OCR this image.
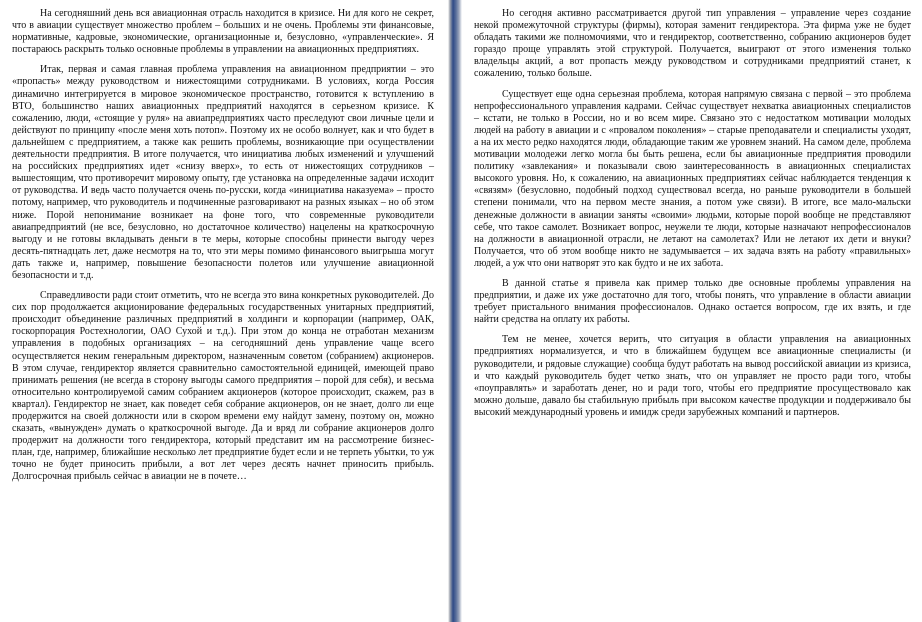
На сегодняшний день вся авиационная отрасль находится в кризисе. Ни для кого не секрет, что в авиации существует множество проблем – больших и не очень. Проблемы эти финансовые, нормативные, кадровые, экономические, организационные и, безусловно, «управленческие». Я постараюсь раскрыть только основные проблемы в управлении на авиационных предприятиях.

Итак, первая и самая главная проблема управления на авиационном предприятии – это «пропасть» между руководством и нижестоящими сотрудниками. В условиях, когда Россия динамично интегрируется в мировое экономическое пространство, готовится к вступлению в ВТО, большинство наших авиационных предприятий находятся в серьезном кризисе. К сожалению, люди, «стоящие у руля» на авиапредприятиях часто преследуют свои личные цели и действуют по принципу «после меня хоть потоп». Поэтому их не особо волнует, как и что будет в дальнейшем с предприятием, а также как решить проблемы, возникающие при осуществлении деятельности предприятия. В итоге получается, что инициатива любых изменений и улучшений на российских предприятиях идет «снизу вверх», то есть от нижестоящих сотрудников – вышестоящим, что противоречит мировому опыту, где установка на определенные задачи исходит от руководства. И ведь часто получается очень по-русски, когда «инициатива наказуема» – просто потому, например, что руководитель и подчиненные разговаривают на разных языках – но об этом ниже. Порой непонимание возникает на фоне того, что современные руководители авиапредприятий (не все, безусловно, но достаточное количество) нацелены на краткосрочную выгоду и не готовы вкладывать деньги в те меры, которые способны принести выгоду через десять-пятнадцать лет, даже несмотря на то, что эти меры помимо финансового выигрыша могут дать также и, например, повышение безопасности полетов или улучшение авиационной безопасности и т.д.

Справедливости ради стоит отметить, что не всегда это вина конкретных руководителей. До сих пор продолжается акционирование федеральных государственных унитарных предприятий, происходит объединение различных предприятий в холдинги и корпорации (например, ОАК, госкорпорация Ростехнологии, ОАО Сухой и т.д.). При этом до конца не отработан механизм управления в подобных организациях – на сегодняшний день управление чаще всего осуществляется неким генеральным директором, назначенным советом (собранием) акционеров. В этом случае, гендиректор является сравнительно самостоятельной единицей, имеющей право принимать решения (не всегда в сторону выгоды самого предприятия – порой для себя), и весьма относительно контролируемой самим собранием акционеров (которое происходит, скажем, раз в квартал). Гендиректор не знает, как поведет себя собрание акционеров, он не знает, долго ли еще продержится на своей должности или в скором времени ему найдут замену, поэтому он, можно сказать, «вынужден» думать о краткосрочной выгоде. Да и вряд ли собрание акционеров долго продержит на должности того гендиректора, который представит им на рассмотрение бизнес-план, где, например, ближайшие несколько лет предприятие будет если и не терпеть убытки, то уж точно не будет приносить прибыли, а вот лет через десять начнет приносить прибыль. Долгосрочная прибыль сейчас в авиации не в почете…

Но сегодня активно рассматривается другой тип управления – управление через создание некой промежуточной структуры (фирмы), которая заменит гендиректора. Эта фирма уже не будет обладать такими же полномочиями, что и гендиректор, соответственно, собранию акционеров будет гораздо проще управлять этой структурой. Получается, выиграют от этого изменения только владельцы акций, а вот пропасть между руководством и сотрудниками предприятий станет, к сожалению, только больше.

Существует еще одна серьезная проблема, которая напрямую связана с первой – это проблема непрофессионального управления кадрами. Сейчас существует нехватка авиационных специалистов – кстати, не только в России, но и во всем мире. Связано это с недостатком мотивации молодых людей на работу в авиации и с «провалом поколения» – старые преподаватели и специалисты уходят, а на их место редко находятся люди, обладающие таким же уровнем знаний. На самом деле, проблема мотивации молодежи легко могла бы быть решена, если бы авиационные предприятия проводили политику «завлекания» и показывали свою заинтересованность в авиационных специалистах высокого уровня. Но, к сожалению, на авиационных предприятиях сейчас наблюдается тенденция к «связям» (безусловно, подобный подход существовал всегда, но раньше руководители в большей степени понимали, что на первом месте знания, а потом уже связи). В итоге, все мало-мальски денежные должности в авиации заняты «своими» людьми, которые порой вообще не представляют себе, что такое самолет. Возникает вопрос, неужели те люди, которые назначают непрофессионалов на должности в авиационной отрасли, не летают на самолетах? Или не летают их дети и внуки? Получается, что об этом вообще никто не задумывается – их задача взять на работу «правильных» людей, а уж что они натворят это как будто и не их забота.

В данной статье я привела как пример только две основные проблемы управления на предприятии, и даже их уже достаточно для того, чтобы понять, что управление в области авиации требует пристального внимания профессионалов. Однако остается вопросом, где их взять, и где найти средства на оплату их работы.

Тем не менее, хочется верить, что ситуация в области управления на авиационных предприятиях нормализуется, и что в ближайшем будущем все авиационные специалисты (и руководители, и рядовые служащие) сообща будут работать на вывод российской авиации из кризиса, и что каждый руководитель будет четко знать, что он управляет не просто ради того, чтобы «поуправлять» и заработать денег, но и ради того, чтобы его предприятие просуществовало как можно дольше, давало бы стабильную прибыль при высоком качестве продукции и поддерживало бы высокий международный уровень и имидж среди зарубежных компаний и партнеров.
